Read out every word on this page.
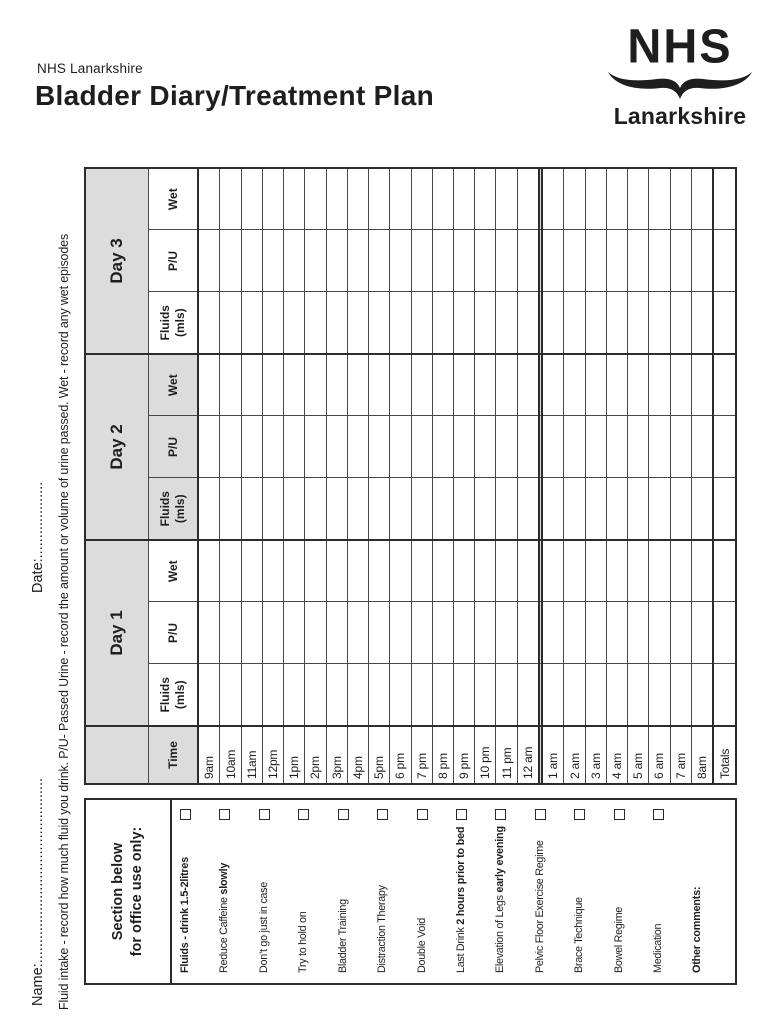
NHS Lanarkshire
Bladder Diary/Treatment Plan
NHS
Lanarkshire
Name:..............................................
Date:................... Fluid intake - record how much fluid you drink. P/U- Passed Urine - record the amount or volume of urine passed. Wet - record any wet episodes	Section below for office use only:	Fluids - drink 1.5-2litres	Reduce Caffeine slowly
Don’t go just in case	Try to hold on	Bladder Training	Distraction Therapy	Double Void	Last Drink 2 hours prior to bed
Elevation of Legs early evening	Pelvic Floor Exercise Regime	Brace Technique	Bowel Regime	Medication	Other comments:
	Day 1			Day 2			Day 3		
Time	Fluids (mls)	P/U	Wet	Fluids (mls)	P/U	Wet	Fluids (mls)	P/U	Wet
9am									
10am									
11am									
12pm									
1pm									
2pm									
3pm									
4pm									
5pm									
6 pm									
7 pm									
8 pm									
9 pm									
10 pm									
11 pm									
12 am									

1 am									
2 am									
3 am									
4 am									
5 am									
6 am									
7 am									
8am									
Totals									
